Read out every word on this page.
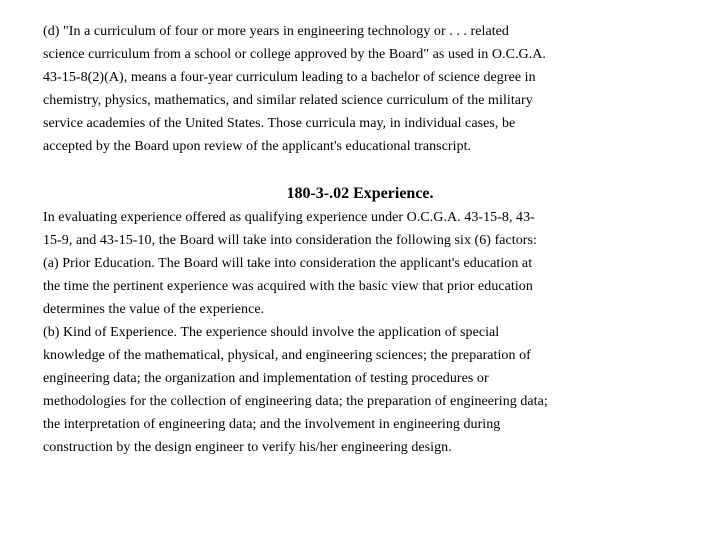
(d) "In a curriculum of four or more years in engineering technology or . . . related
science curriculum from a school or college approved by the Board" as used in O.C.G.A.
43-15-8(2)(A), means a four-year curriculum leading to a bachelor of science degree in
chemistry, physics, mathematics, and similar related science curriculum of the military
service academies of the United States. Those curricula may, in individual cases, be
accepted by the Board upon review of the applicant's educational transcript.
180-3-.02 Experience.
In evaluating experience offered as qualifying experience under O.C.G.A. 43-15-8, 43-
15-9, and 43-15-10, the Board will take into consideration the following six (6) factors:
(a) Prior Education. The Board will take into consideration the applicant's education at
the time the pertinent experience was acquired with the basic view that prior education
determines the value of the experience.
(b) Kind of Experience. The experience should involve the application of special
knowledge of the mathematical, physical, and engineering sciences; the preparation of
engineering data; the organization and implementation of testing procedures or
methodologies for the collection of engineering data; the preparation of engineering data;
the interpretation of engineering data; and the involvement in engineering during
construction by the design engineer to verify his/her engineering design.
